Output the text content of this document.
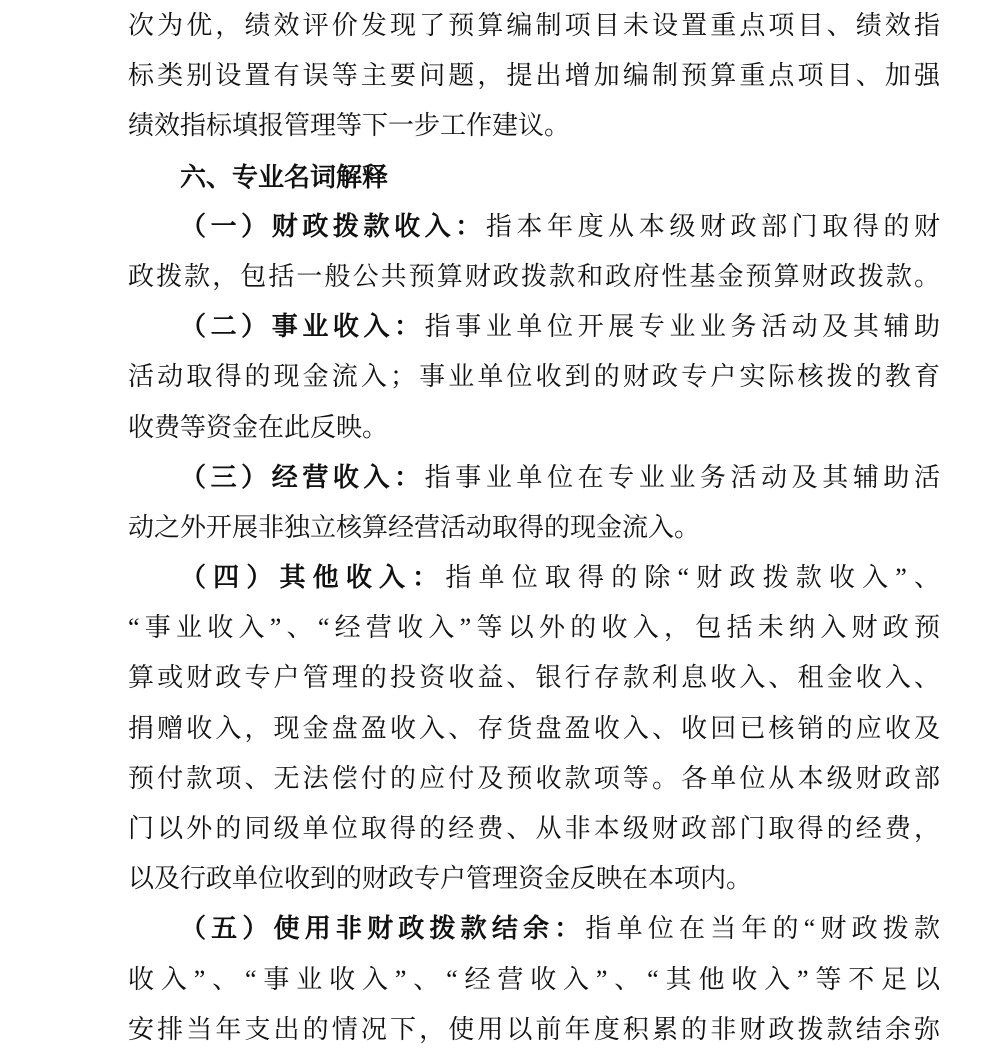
次为优，绩效评价发现了预算编制项目未设置重点项目、绩效指
标类别设置有误等主要问题，提出增加编制预算重点项目、加强
绩效指标填报管理等下一步工作建议。
六、专业名词解释
（一）财政拨款收入：指本年度从本级财政部门取得的财
政拨款，包括一般公共预算财政拨款和政府性基金预算财政拨款。
（二）事业收入：指事业单位开展专业业务活动及其辅助
活动取得的现金流入；事业单位收到的财政专户实际核拨的教育
收费等资金在此反映。
（三）经营收入：指事业单位在专业业务活动及其辅助活
动之外开展非独立核算经营活动取得的现金流入。
（四）其他收入：指单位取得的除“财政拨款收入”、
“事业收入”、“经营收入”等以外的收入，包括未纳入财政预
算或财政专户管理的投资收益、银行存款利息收入、租金收入、
捐赠收入，现金盘盈收入、存货盘盈收入、收回已核销的应收及
预付款项、无法偿付的应付及预收款项等。各单位从本级财政部
门以外的同级单位取得的经费、从非本级财政部门取得的经费，
以及行政单位收到的财政专户管理资金反映在本项内。
（五）使用非财政拨款结余：指单位在当年的“财政拨款
收入”、“事业收入”、“经营收入”、“其他收入”等不足以
安排当年支出的情况下，使用以前年度积累的非财政拨款结余弥
